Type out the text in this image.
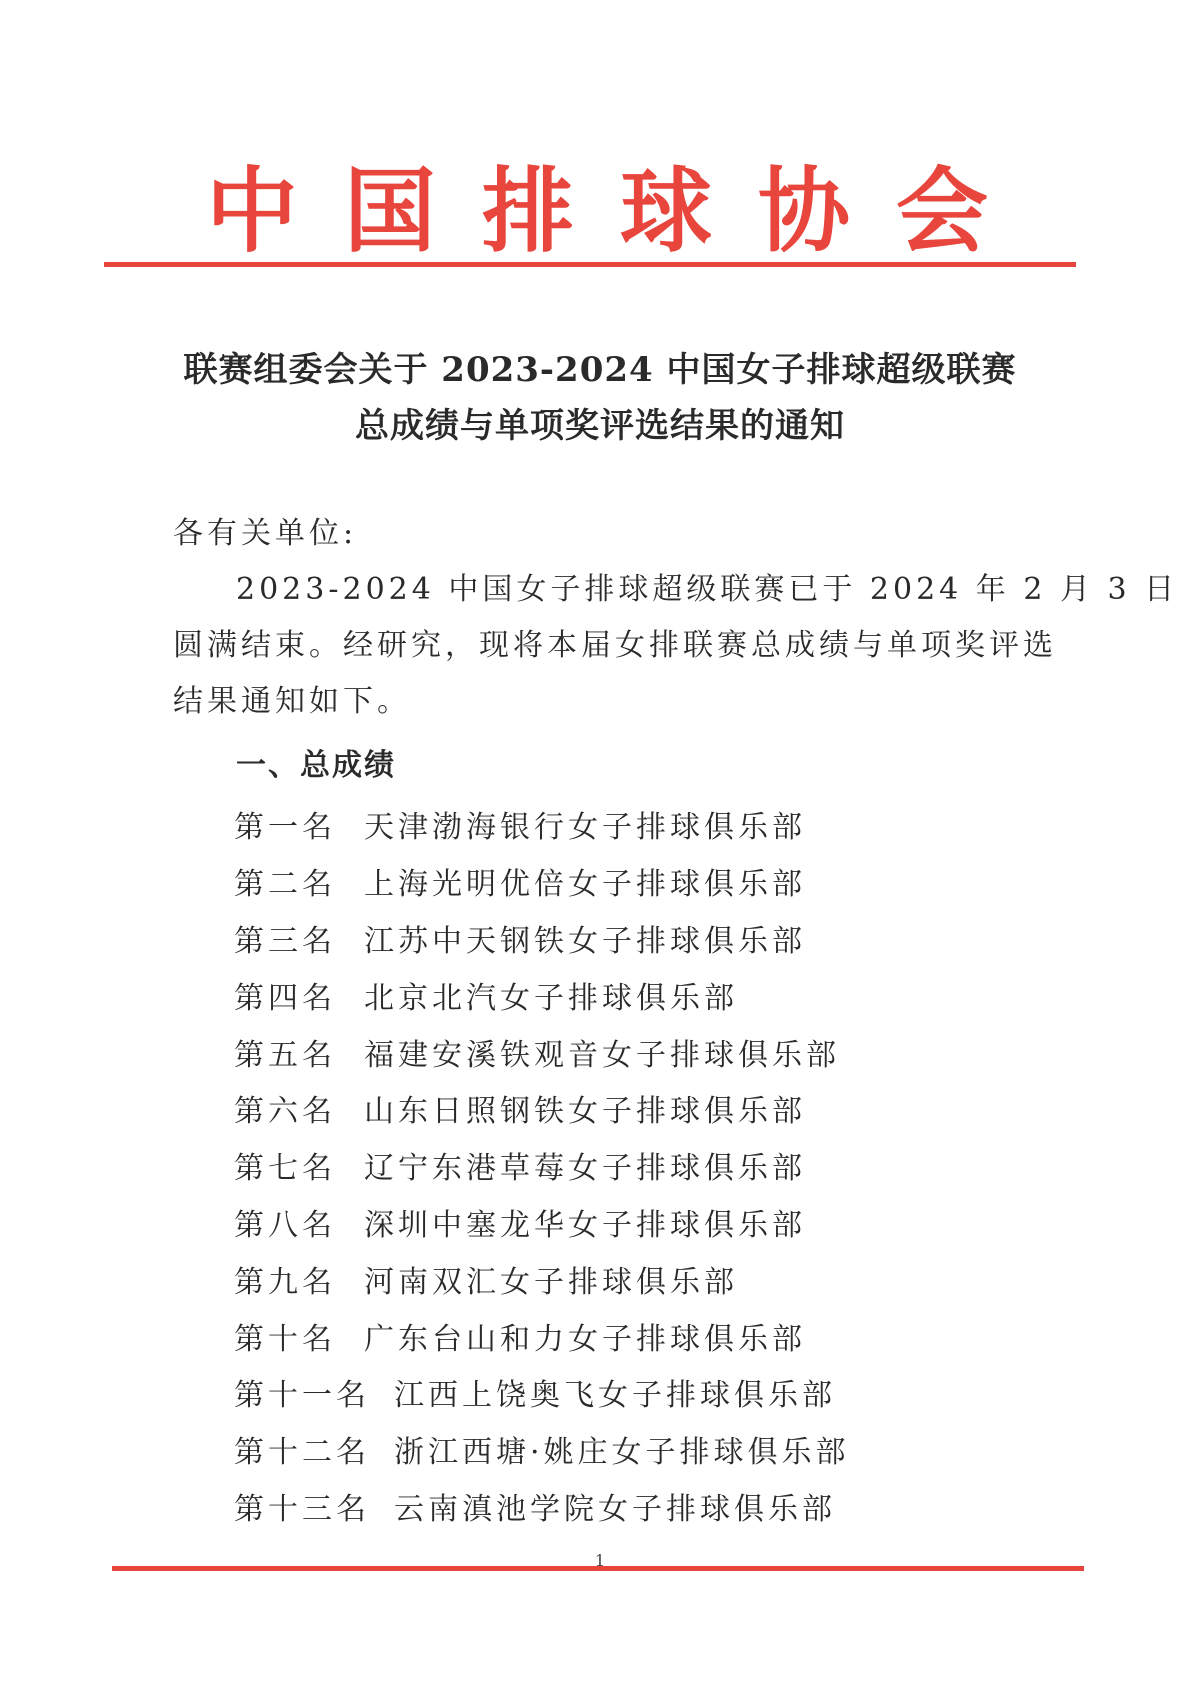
中国排球协会
联赛组委会关于 2023-2024 中国女子排球超级联赛
总成绩与单项奖评选结果的通知
各有关单位:
2023-2024 中国女子排球超级联赛已于 2024 年 2 月 3 日
圆满结束。经研究，现将本届女排联赛总成绩与单项奖评选
结果通知如下。
一、总成绩
第一名 天津渤海银行女子排球俱乐部
第二名 上海光明优倍女子排球俱乐部
第三名 江苏中天钢铁女子排球俱乐部
第四名 北京北汽女子排球俱乐部
第五名 福建安溪铁观音女子排球俱乐部
第六名 山东日照钢铁女子排球俱乐部
第七名 辽宁东港草莓女子排球俱乐部
第八名 深圳中塞龙华女子排球俱乐部
第九名 河南双汇女子排球俱乐部
第十名 广东台山和力女子排球俱乐部
第十一名 江西上饶奥飞女子排球俱乐部
第十二名 浙江西塘·姚庄女子排球俱乐部
第十三名 云南滇池学院女子排球俱乐部
1
